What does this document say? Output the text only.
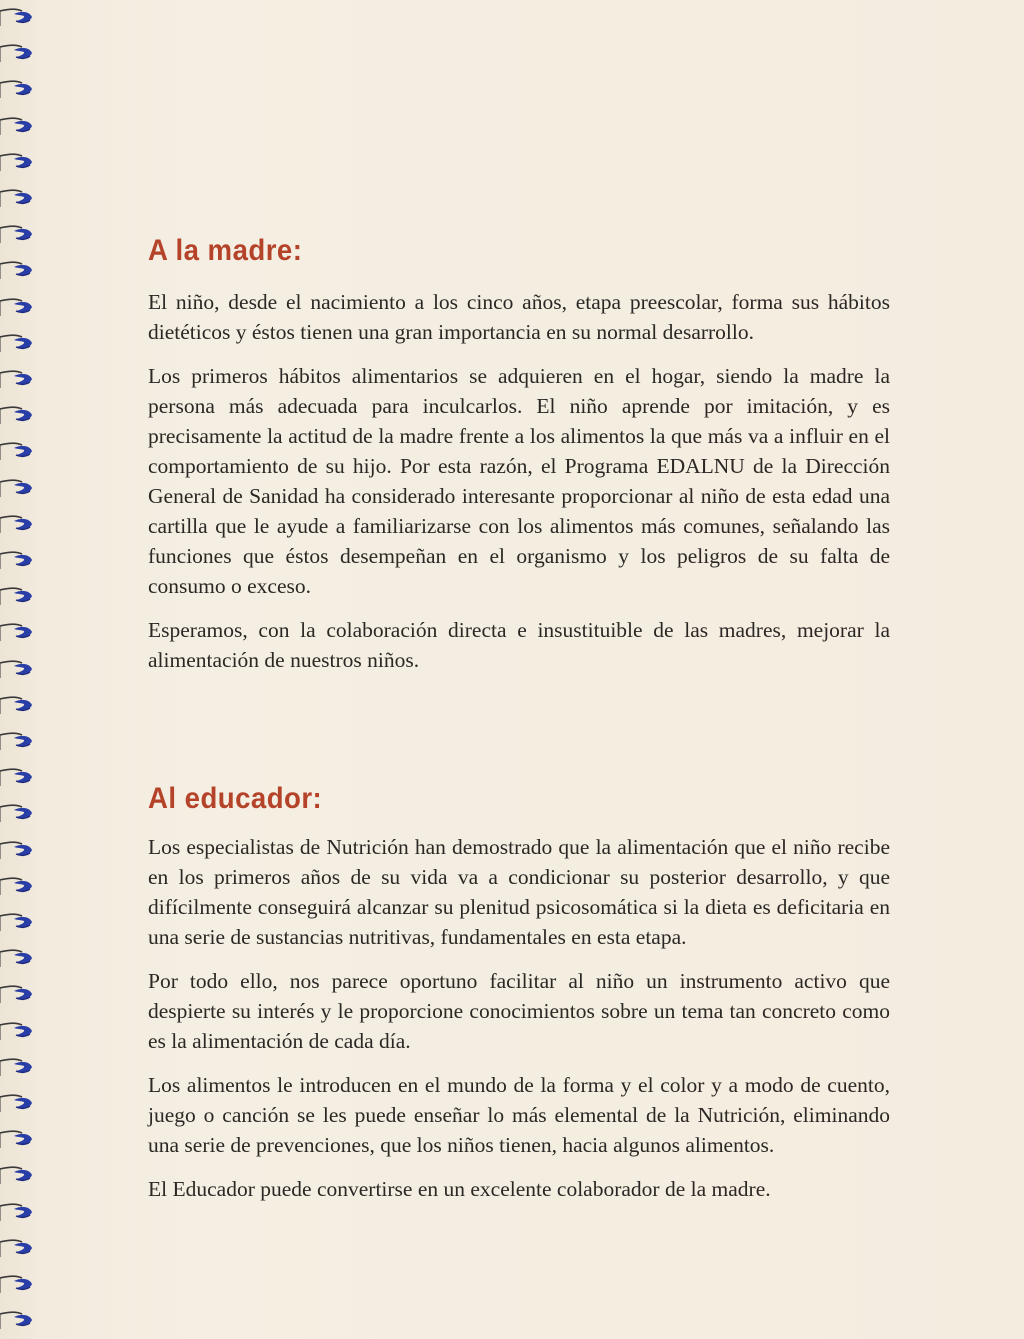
A la madre:

El niño, desde el nacimiento a los cinco años, etapa preescolar, forma sus hábitos dietéticos y éstos tienen una gran importancia en su normal desarrollo.

Los primeros hábitos alimentarios se adquieren en el hogar, siendo la madre la persona más adecuada para inculcarlos. El niño aprende por imitación, y es precisamente la actitud de la madre frente a los alimentos la que más va a influir en el comportamiento de su hijo. Por esta razón, el Programa EDALNU de la Dirección General de Sanidad ha considerado interesante proporcionar al niño de esta edad una cartilla que le ayude a familiarizarse con los alimentos más comunes, señalando las funciones que éstos desempeñan en el organismo y los peligros de su falta de consumo o exceso.

Esperamos, con la colaboración directa e insustituible de las madres, mejorar la alimentación de nuestros niños.

Al educador:

Los especialistas de Nutrición han demostrado que la alimentación que el niño recibe en los primeros años de su vida va a condicionar su posterior desarrollo, y que difícilmente conseguirá alcanzar su plenitud psicosomática si la dieta es deficitaria en una serie de sustancias nutritivas, fundamentales en esta etapa.

Por todo ello, nos parece oportuno facilitar al niño un instrumento activo que despierte su interés y le proporcione conocimientos sobre un tema tan concreto como es la alimentación de cada día.

Los alimentos le introducen en el mundo de la forma y el color y a modo de cuento, juego o canción se les puede enseñar lo más elemental de la Nutrición, eliminando una serie de prevenciones, que los niños tienen, hacia algunos alimentos.

El Educador puede convertirse en un excelente colaborador de la madre.
